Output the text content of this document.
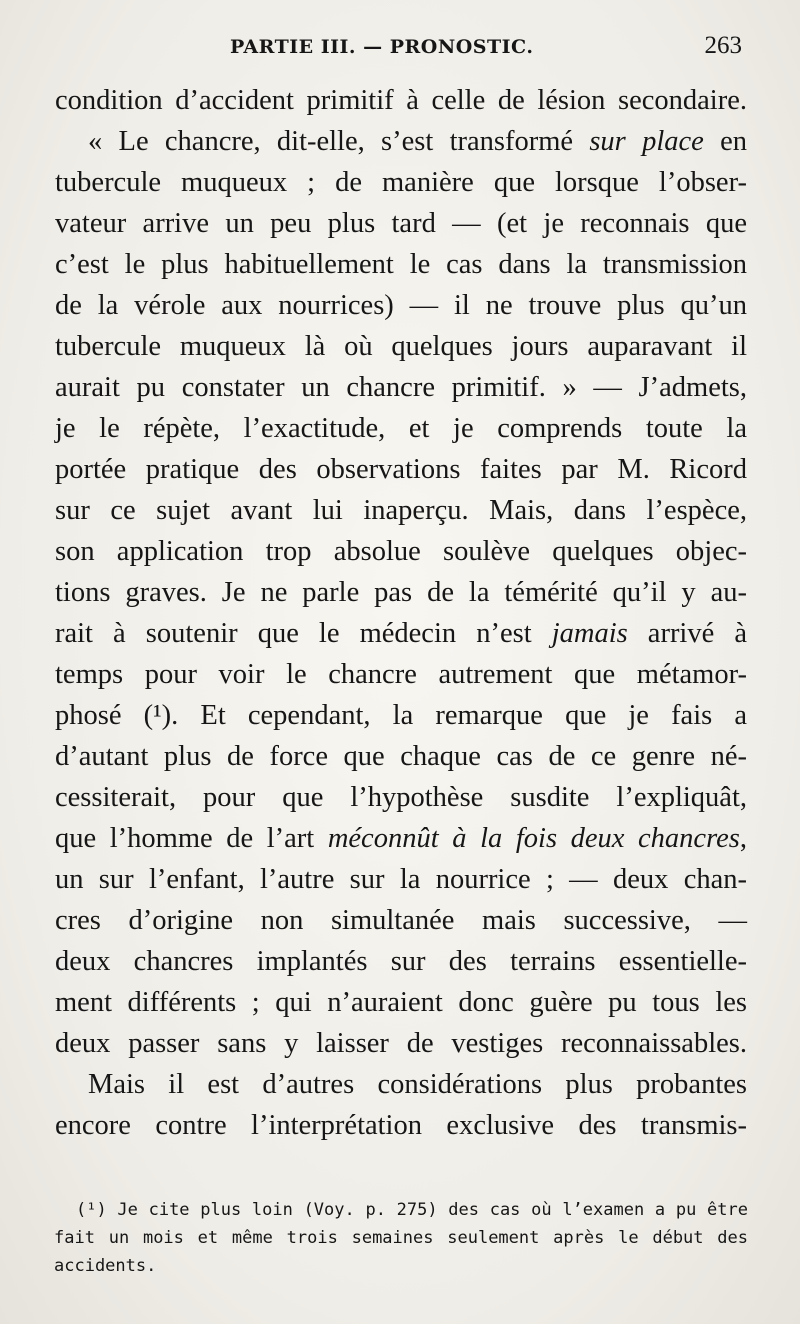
PARTIE III. — PRONOSTIC.	263
condition d’accident primitif à celle de lésion secondaire.
« Le chancre, dit-elle, s’est transformé sur place en
tubercule muqueux ; de manière que lorsque l’obser-
vateur arrive un peu plus tard — (et je reconnais que
c’est le plus habituellement le cas dans la transmission
de la vérole aux nourrices) — il ne trouve plus qu’un
tubercule muqueux là où quelques jours auparavant il
aurait pu constater un chancre primitif. » — J’admets,
je le répète, l’exactitude, et je comprends toute la
portée pratique des observations faites par M. Ricord
sur ce sujet avant lui inaperçu. Mais, dans l’espèce,
son application trop absolue soulève quelques objec-
tions graves. Je ne parle pas de la témérité qu’il y au-
rait à soutenir que le médecin n’est jamais arrivé à
temps pour voir le chancre autrement que métamor-
phosé (¹). Et cependant, la remarque que je fais a
d’autant plus de force que chaque cas de ce genre né-
cessiterait, pour que l’hypothèse susdite l’expliquât,
que l’homme de l’art méconnût à la fois deux chancres,
un sur l’enfant, l’autre sur la nourrice ; — deux chan-
cres d’origine non simultanée mais successive, —
deux chancres implantés sur des terrains essentielle-
ment différents ; qui n’auraient donc guère pu tous les
deux passer sans y laisser de vestiges reconnaissables.
Mais il est d’autres considérations plus probantes
encore contre l’interprétation exclusive des transmis-
(¹) Je cite plus loin (Voy. p. 275) des cas où l’examen a pu être
fait un mois et même trois semaines seulement après le début des
accidents.
